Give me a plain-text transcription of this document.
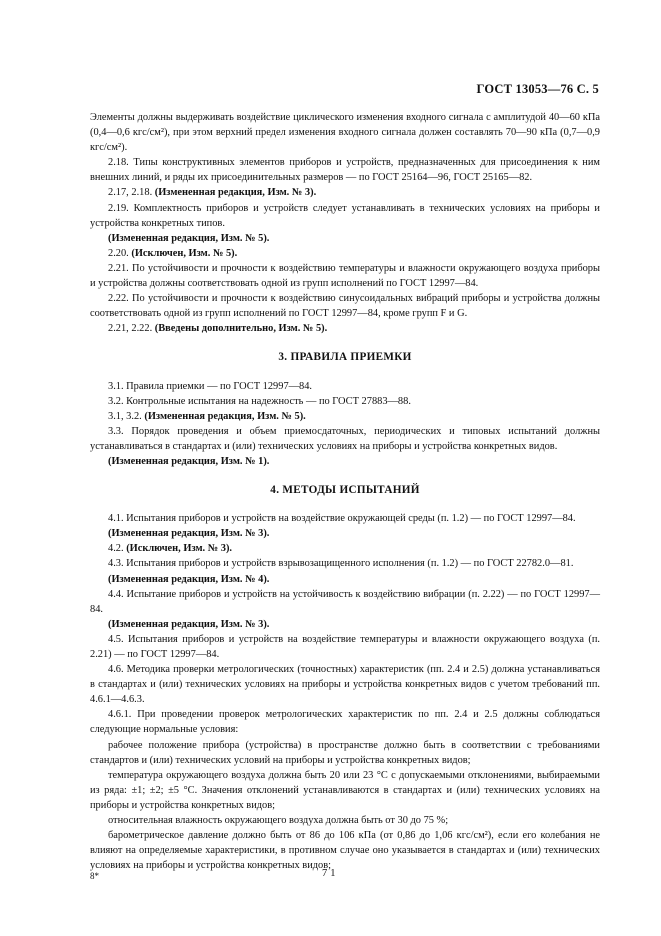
ГОСТ 13053—76 С. 5

Элементы должны выдерживать воздействие циклического изменения входного сигнала с амплитудой 40—60 кПа (0,4—0,6 кгс/см²), при этом верхний предел изменения входного сигнала должен составлять 70—90 кПа (0,7—0,9 кгс/см²).

2.18. Типы конструктивных элементов приборов и устройств, предназначенных для присоединения к ним внешних линий, и ряды их присоединительных размеров — по ГОСТ 25164—96, ГОСТ 25165—82.

2.17, 2.18. (Измененная редакция, Изм. № 3).

2.19. Комплектность приборов и устройств следует устанавливать в технических условиях на приборы и устройства конкретных типов.

(Измененная редакция, Изм. № 5).

2.20. (Исключен, Изм. № 5).

2.21. По устойчивости и прочности к воздействию температуры и влажности окружающего воздуха приборы и устройства должны соответствовать одной из групп исполнений по ГОСТ 12997—84.

2.22. По устойчивости и прочности к воздействию синусоидальных вибраций приборы и устройства должны соответствовать одной из групп исполнений по ГОСТ 12997—84, кроме групп F и G.

2.21, 2.22. (Введены дополнительно, Изм. № 5).

3. ПРАВИЛА ПРИЕМКИ

3.1. Правила приемки — по ГОСТ 12997—84.

3.2. Контрольные испытания на надежность — по ГОСТ 27883—88.

3.1, 3.2. (Измененная редакция, Изм. № 5).

3.3. Порядок проведения и объем приемосдаточных, периодических и типовых испытаний должны устанавливаться в стандартах и (или) технических условиях на приборы и устройства конкретных видов.

(Измененная редакция, Изм. № 1).

4. МЕТОДЫ ИСПЫТАНИЙ

4.1. Испытания приборов и устройств на воздействие окружающей среды (п. 1.2) — по ГОСТ 12997—84.

(Измененная редакция, Изм. № 3).

4.2. (Исключен, Изм. № 3).

4.3. Испытания приборов и устройств взрывозащищенного исполнения (п. 1.2) — по ГОСТ 22782.0—81.

(Измененная редакция, Изм. № 4).

4.4. Испытание приборов и устройств на устойчивость к воздействию вибрации (п. 2.22) — по ГОСТ 12997—84.

(Измененная редакция, Изм. № 3).

4.5. Испытания приборов и устройств на воздействие температуры и влажности окружающего воздуха (п. 2.21) — по ГОСТ 12997—84.

4.6. Методика проверки метрологических (точностных) характеристик (пп. 2.4 и 2.5) должна устанавливаться в стандартах и (или) технических условиях на приборы и устройства конкретных видов с учетом требований пп. 4.6.1—4.6.3.

4.6.1. При проведении проверок метрологических характеристик по пп. 2.4 и 2.5 должны соблюдаться следующие нормальные условия:

рабочее положение прибора (устройства) в пространстве должно быть в соответствии с требованиями стандартов и (или) технических условий на приборы и устройства конкретных видов;

температура окружающего воздуха должна быть 20 или 23 °С с допускаемыми отклонениями, выбираемыми из ряда: ±1; ±2; ±5 °С. Значения отклонений устанавливаются в стандартах и (или) технических условиях на приборы и устройства конкретных видов;

относительная влажность окружающего воздуха должна быть от 30 до 75 %;

барометрическое давление должно быть от 86 до 106 кПа (от 0,86 до 1,06 кгс/см²), если его колебания не влияют на определяемые характеристики, в противном случае оно указывается в стандартах и (или) технических условиях на приборы и устройства конкретных видов;

8*	71
